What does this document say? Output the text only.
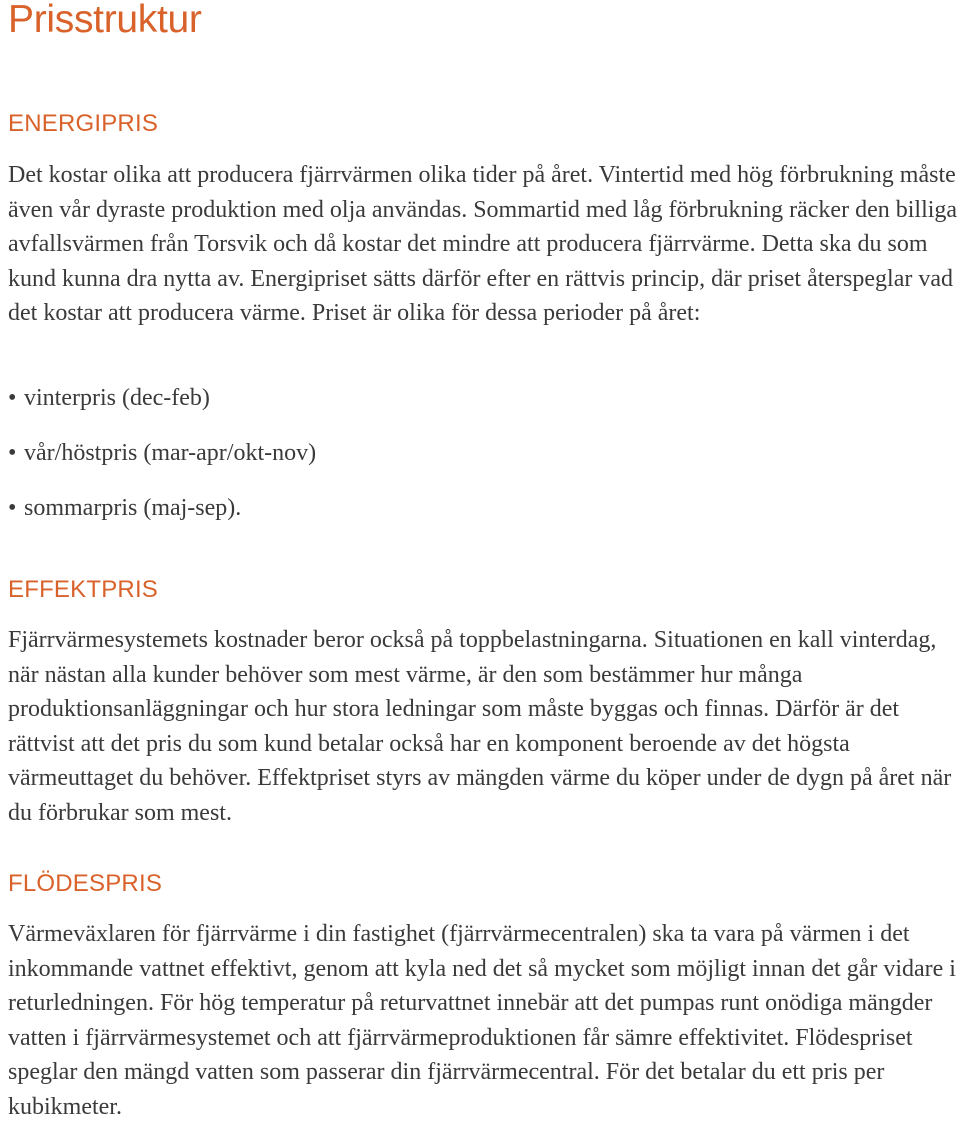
Prisstruktur
ENERGIPRIS

Det kostar olika att producera fjärrvärmen olika tider på året. Vintertid med hög förbrukning måste även vår dyraste produktion med olja användas. Sommartid med låg förbrukning räcker den billiga avfallsvärmen från Torsvik och då kostar det mindre att producera fjärrvärme. Detta ska du som kund kunna dra nytta av. Energipriset sätts därför efter en rättvis princip, där priset återspeglar vad det kostar att producera värme. Priset är olika för dessa perioder på året:

• vinterpris (dec-feb)
• vår/höstpris (mar-apr/okt-nov)
• sommarpris (maj-sep).
EFFEKTPRIS

Fjärrvärmesystemets kostnader beror också på toppbelastningarna. Situationen en kall vinterdag, när nästan alla kunder behöver som mest värme, är den som bestämmer hur många produktionsanläggningar och hur stora ledningar som måste byggas och finnas. Därför är det rättvist att det pris du som kund betalar också har en komponent beroende av det högsta värmeuttaget du behöver. Effektpriset styrs av mängden värme du köper under de dygn på året när du förbrukar som mest.

FLÖDESPRIS

Värmeväxlaren för fjärrvärme i din fastighet (fjärrvärmecentralen) ska ta vara på värmen i det inkommande vattnet effektivt, genom att kyla ned det så mycket som möjligt innan det går vidare i returledningen. För hög temperatur på returvattnet innebär att det pumpas runt onödiga mängder vatten i fjärrvärmesystemet och att fjärrvärmeproduktionen får sämre effektivitet. Flödespriset speglar den mängd vatten som passerar din fjärrvärmecentral. För det betalar du ett pris per kubikmeter.
